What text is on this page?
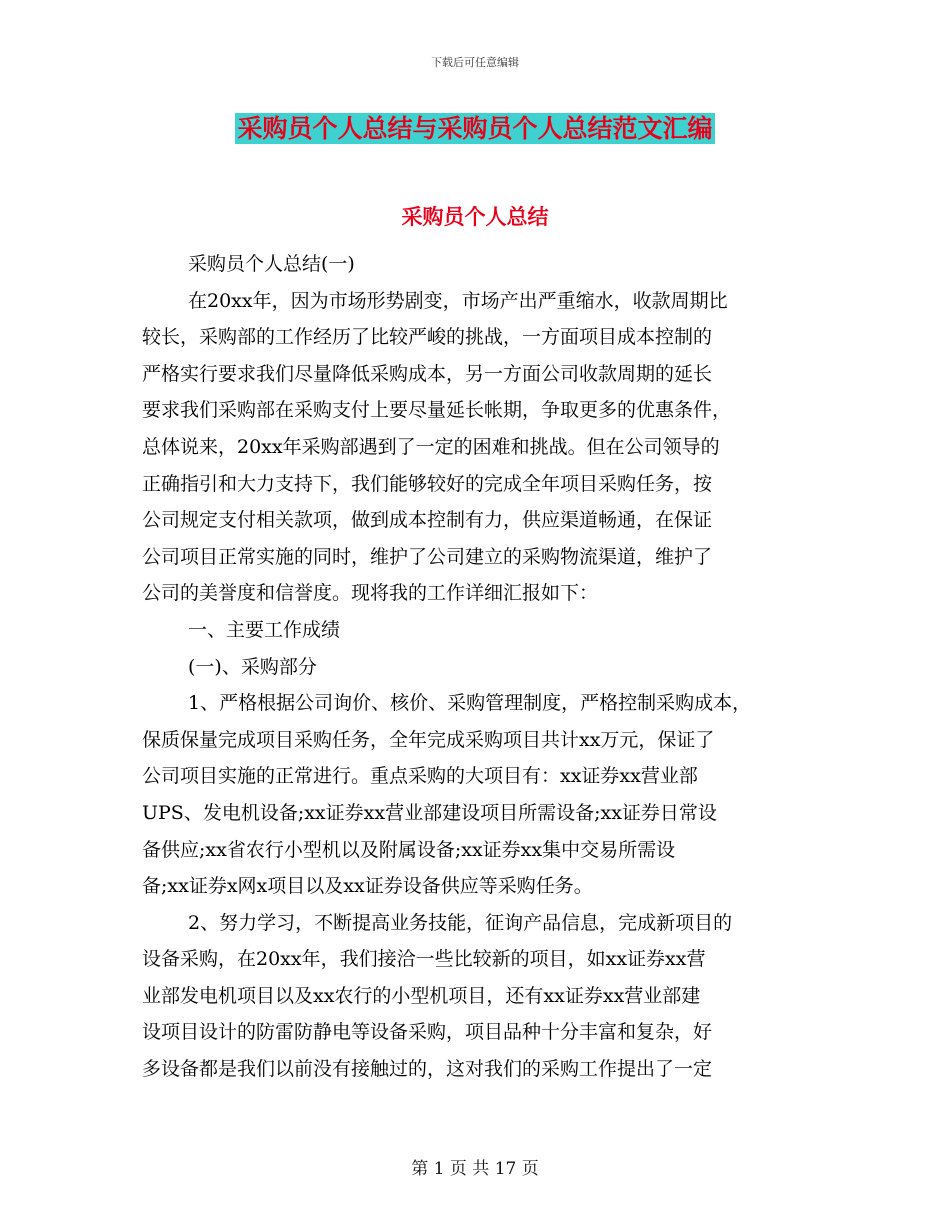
下载后可任意编辑
采购员个人总结与采购员个人总结范文汇编
采购员个人总结
采购员个人总结(一)
在20xx年，因为市场形势剧变，市场产出严重缩水，收款周期比
较长，采购部的工作经历了比较严峻的挑战，一方面项目成本控制的
严格实行要求我们尽量降低采购成本，另一方面公司收款周期的延长
要求我们采购部在采购支付上要尽量延长帐期，争取更多的优惠条件，
总体说来，20xx年采购部遇到了一定的困难和挑战。但在公司领导的
正确指引和大力支持下，我们能够较好的完成全年项目采购任务，按
公司规定支付相关款项，做到成本控制有力，供应渠道畅通，在保证
公司项目正常实施的同时，维护了公司建立的采购物流渠道，维护了
公司的美誉度和信誉度。现将我的工作详细汇报如下：
一、主要工作成绩
(一)、采购部分
1、严格根据公司询价、核价、采购管理制度，严格控制采购成本，
保质保量完成项目采购任务，全年完成采购项目共计xx万元，保证了
公司项目实施的正常进行。重点采购的大项目有：xx证券xx营业部
UPS、发电机设备;xx证券xx营业部建设项目所需设备;xx证券日常设
备供应;xx省农行小型机以及附属设备;xx证券xx集中交易所需设
备;xx证券x网x项目以及xx证券设备供应等采购任务。
2、努力学习，不断提高业务技能，征询产品信息，完成新项目的
设备采购，在20xx年，我们接洽一些比较新的项目，如xx证券xx营
业部发电机项目以及xx农行的小型机项目，还有xx证券xx营业部建
设项目设计的防雷防静电等设备采购，项目品种十分丰富和复杂，好
多设备都是我们以前没有接触过的，这对我们的采购工作提出了一定
第 1 页 共 17 页
